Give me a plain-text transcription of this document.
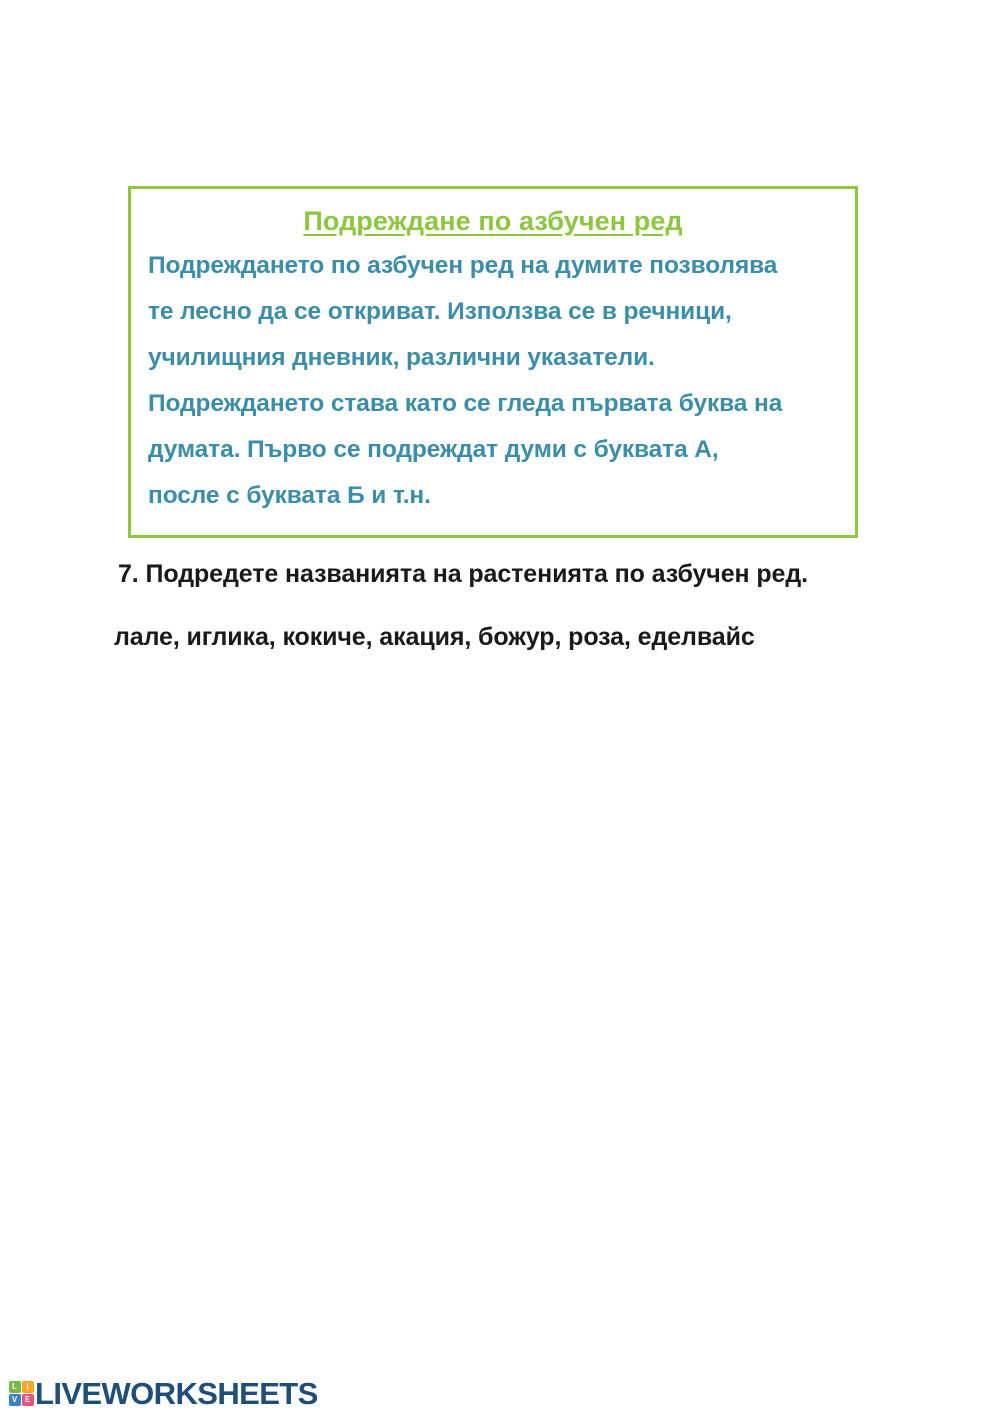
Подреждане по азбучен ред
Подреждането по азбучен ред на думите позволява
те лесно да се откриват. Използва се в речници,
училищния дневник, различни указатели.
Подреждането става като се гледа първата буква на
думата. Първо се подреждат думи с буквата А,
после с буквата Б и т.н.
7. Подредете названията на растенията по азбучен ред.
лале, иглика, кокиче, акация, божур, роза, еделвайс
L	I
V E LIVEWORKSHEETS
